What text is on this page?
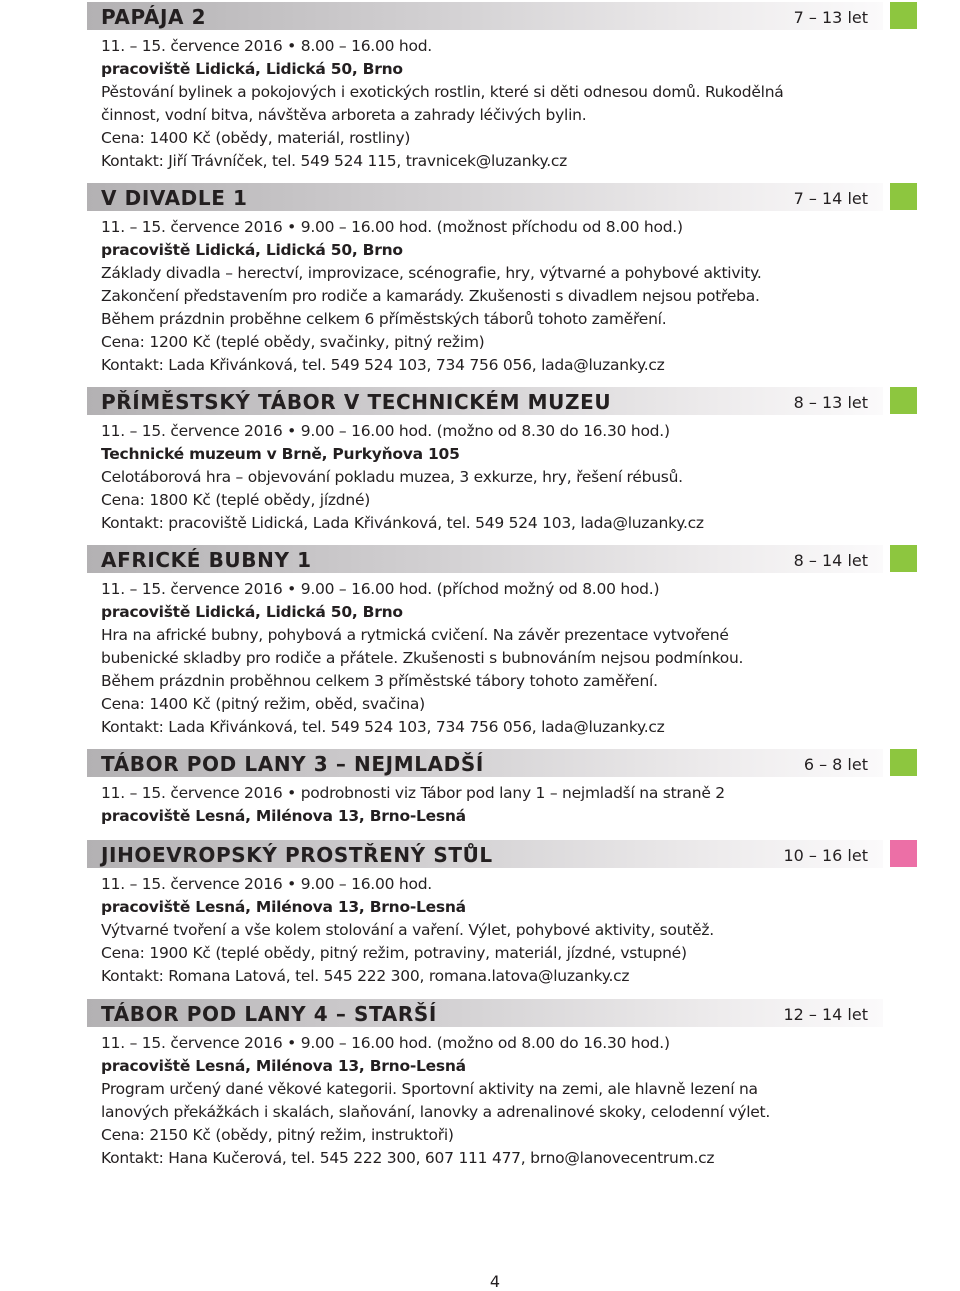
PAPÁJA 2	7 – 13 let
11. – 15. července 2016 • 8.00 – 16.00 hod.
pracoviště Lidická, Lidická 50, Brno
Pěstování bylinek a pokojových i exotických rostlin, které si děti odnesou domů. Rukodělná
činnost, vodní bitva, návštěva arboreta a zahrady léčivých bylin.
Cena: 1400 Kč (obědy, materiál, rostliny)
Kontakt: Jiří Trávníček, tel. 549 524 115, travnicek@luzanky.cz
V DIVADLE 1	7 – 14 let
11. – 15. července 2016 • 9.00 – 16.00 hod. (možnost příchodu od 8.00 hod.)
pracoviště Lidická, Lidická 50, Brno
Základy divadla – herectví, improvizace, scénografie, hry, výtvarné a pohybové aktivity.
Zakončení představením pro rodiče a kamarády. Zkušenosti s divadlem nejsou potřeba.
Během prázdnin proběhne celkem 6 příměstských táborů tohoto zaměření.
Cena: 1200 Kč (teplé obědy, svačinky, pitný režim)
Kontakt: Lada Křivánková, tel. 549 524 103, 734 756 056, lada@luzanky.cz
PŘÍMĚSTSKÝ TÁBOR V TECHNICKÉM MUZEU	8 – 13 let
11. – 15. července 2016 • 9.00 – 16.00 hod. (možno od 8.30 do 16.30 hod.)
Technické muzeum v Brně, Purkyňova 105
Celotáborová hra – objevování pokladu muzea, 3 exkurze, hry, řešení rébusů.
Cena: 1800 Kč (teplé obědy, jízdné)
Kontakt: pracoviště Lidická, Lada Křivánková, tel. 549 524 103, lada@luzanky.cz
AFRICKÉ BUBNY 1	8 – 14 let
11. – 15. července 2016 • 9.00 – 16.00 hod. (příchod možný od 8.00 hod.)
pracoviště Lidická, Lidická 50, Brno
Hra na africké bubny, pohybová a rytmická cvičení. Na závěr prezentace vytvořené
bubenické skladby pro rodiče a přátele. Zkušenosti s bubnováním nejsou podmínkou.
Během prázdnin proběhnou celkem 3 příměstské tábory tohoto zaměření.
Cena: 1400 Kč (pitný režim, oběd, svačina)
Kontakt: Lada Křivánková, tel. 549 524 103, 734 756 056, lada@luzanky.cz
TÁBOR POD LANY 3 – NEJMLADŠÍ	6 – 8 let
11. – 15. července 2016 • podrobnosti viz Tábor pod lany 1 – nejmladší na straně 2
pracoviště Lesná, Milénova 13, Brno-Lesná
JIHOEVROPSKÝ PROSTŘENÝ STŮL	10 – 16 let
11. – 15. července 2016 • 9.00 – 16.00 hod.
pracoviště Lesná, Milénova 13, Brno-Lesná
Výtvarné tvoření a vše kolem stolování a vaření. Výlet, pohybové aktivity, soutěž.
Cena: 1900 Kč (teplé obědy, pitný režim, potraviny, materiál, jízdné, vstupné)
Kontakt: Romana Latová, tel. 545 222 300, romana.latova@luzanky.cz
TÁBOR POD LANY 4 – STARŠÍ	12 – 14 let
11. – 15. července 2016 • 9.00 – 16.00 hod. (možno od 8.00 do 16.30 hod.)
pracoviště Lesná, Milénova 13, Brno-Lesná
Program určený dané věkové kategorii. Sportovní aktivity na zemi, ale hlavně lezení na
lanových překážkách i skalách, slaňování, lanovky a adrenalinové skoky, celodenní výlet.
Cena: 2150 Kč (obědy, pitný režim, instruktoři)
Kontakt: Hana Kučerová, tel. 545 222 300, 607 111 477, brno@lanovecentrum.cz
4
